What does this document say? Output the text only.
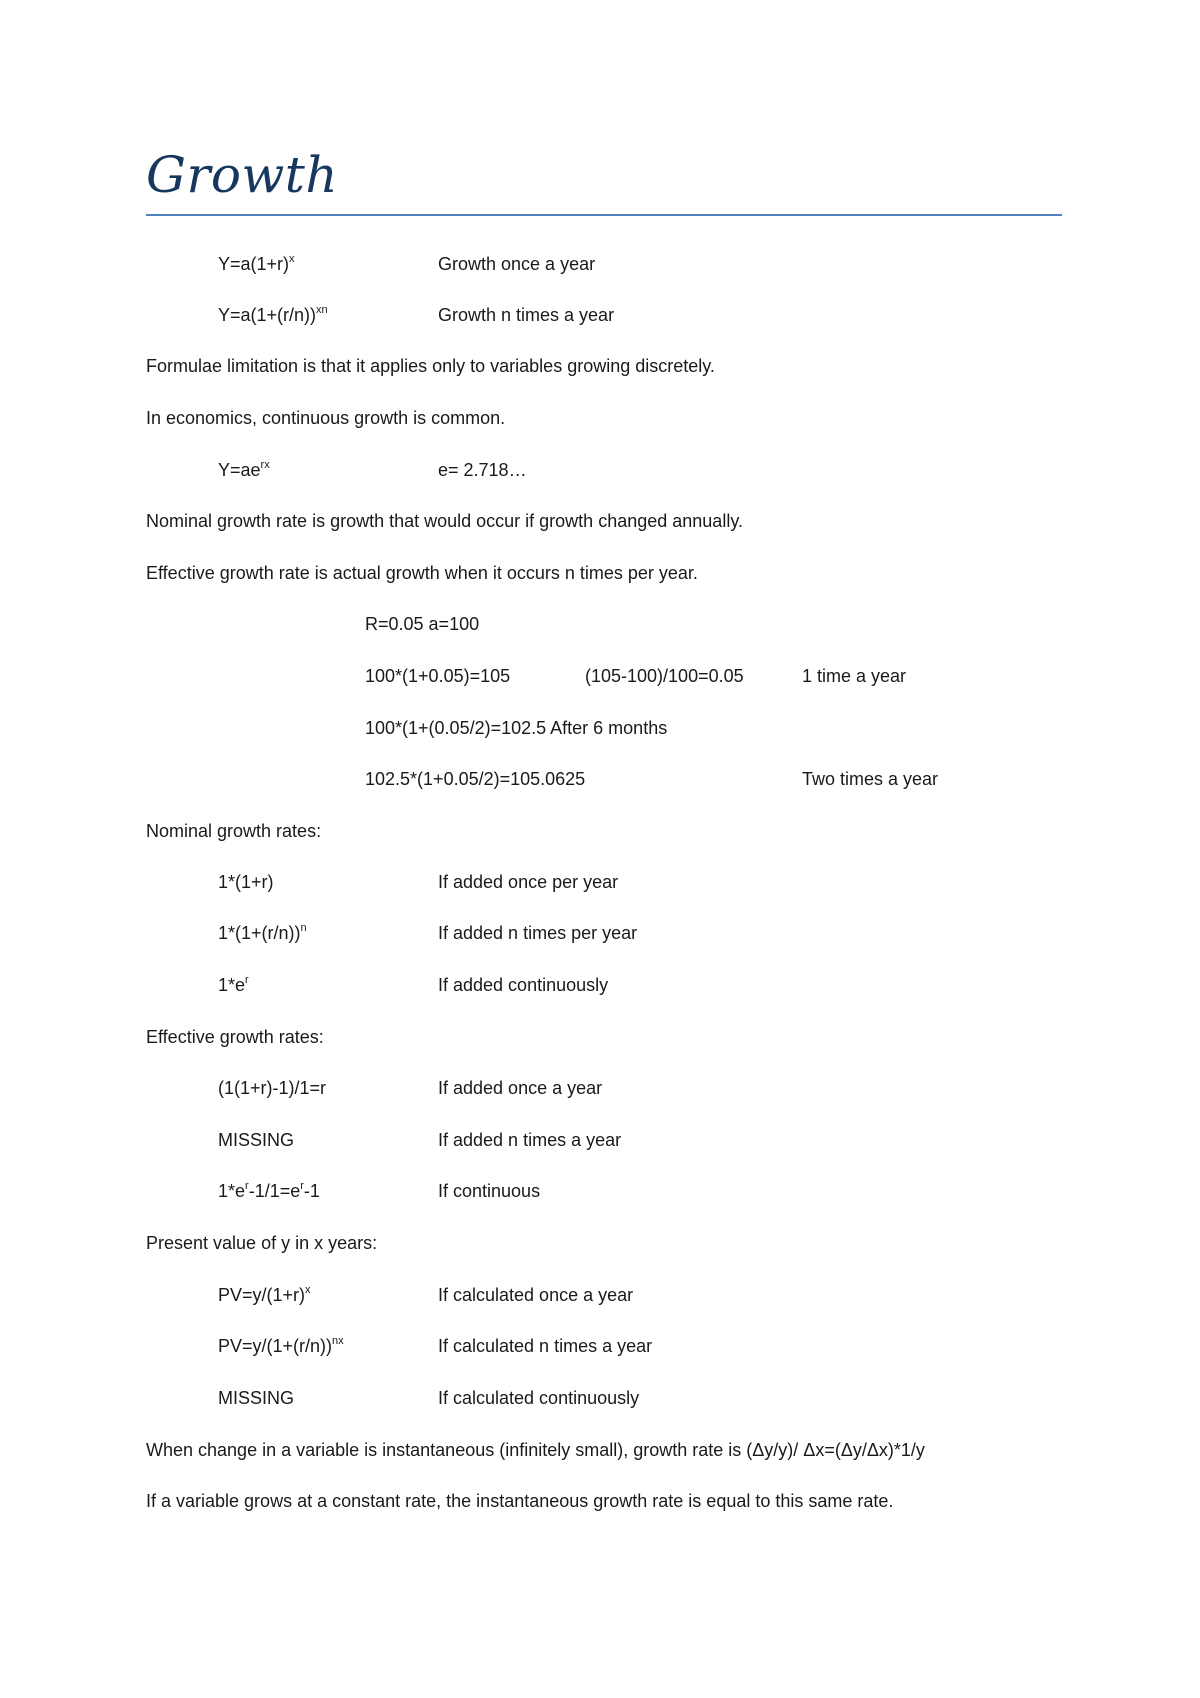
Growth
$Y=a(1+r)^x$	Growth once a year
$Y=a(1+(r/n))^{xn}$	Growth n times a year
Formulae limitation is that it applies only to variables growing discretely.
In economics, continuous growth is common.
$Y=ae^{rx}$	e= 2.718…
Nominal growth rate is growth that would occur if growth changed annually.
Effective growth rate is actual growth when it occurs n times per year.
R=0.05 a=100
100*(1+0.05)=105	(105-100)/100=0.05	1 time a year
100*(1+(0.05/2)=102.5 After 6 months
102.5*(1+0.05/2)=105.0625	Two times a year
Nominal growth rates:
1*(1+r)	If added once per year
$1*(1+(r/n))^n$	If added n times per year
$1*e^r$	If added continuously
Effective growth rates:
(1(1+r)-1)/1=r	If added once a year
MISSING	If added n times a year
$1*e^r-1/1=e^r-1$	If continuous
Present value of y in x years:
$PV=y/(1+r)^x$	If calculated once a year
$PV=y/(1+(r/n))^{nx}$	If calculated n times a year
MISSING	If calculated continuously
When change in a variable is instantaneous (infinitely small), growth rate is (Δy/y)/ Δx=(Δy/Δx)*1/y
If a variable grows at a constant rate, the instantaneous growth rate is equal to this same rate.
